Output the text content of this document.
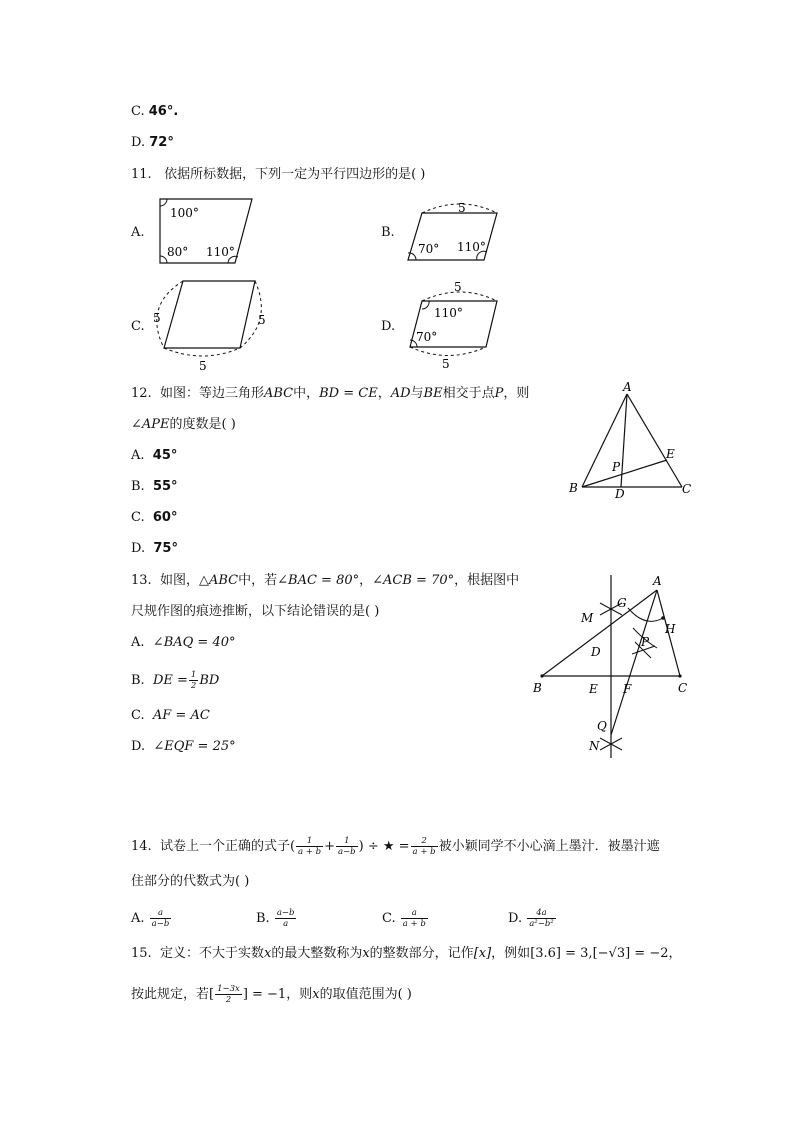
C. 46°.
D. 72°
11. 依据所标数据，下列一定为平行四边形的是( )
A.
100°
80° 110°
B.
5
70° 110°
C.
5	5
5
D.
5
110°
70°
5
12. 如图：等边三角形ABC中，BD = CE，AD与BE相交于点P，则
∠APE的度数是( )
A. 45°
B. 55°
C. 60°
D. 75°
A
B	C
D
E
P
13. 如图，△ABC中，若∠BAC = 80°，∠ACB = 70°，根据图中
尺规作图的痕迹推断，以下结论错误的是( )
A. ∠BAQ = 40°
B. DE = $\frac{1}{2}$ BD
C. AF = AC
D. ∠EQF = 25°
A
B	C
D
E F
G
H
M
N
P
Q
14. 试卷上一个正确的式子( $\frac{1}{a + b} + \frac{1}{a-b}$ ) ÷ ★ = $\frac{2}{a + b}$ 被小颖同学不小心滴上墨汁．被墨汁遮
住部分的代数式为( )
A. $\frac{a}{a-b}$	B. $\frac{a-b}{a}$	C. $\frac{a}{a + b}$	D. $\frac{4a}{\text{a²−b²}}$
15. 定义：不大于实数x的最大整数称为x的整数部分，记作[x]，例如[3.6] = 3,[−√3] = −2，
按此规定，若[ $\frac{1-3x}{2}$ ] = −1，则x的取值范围为( )
